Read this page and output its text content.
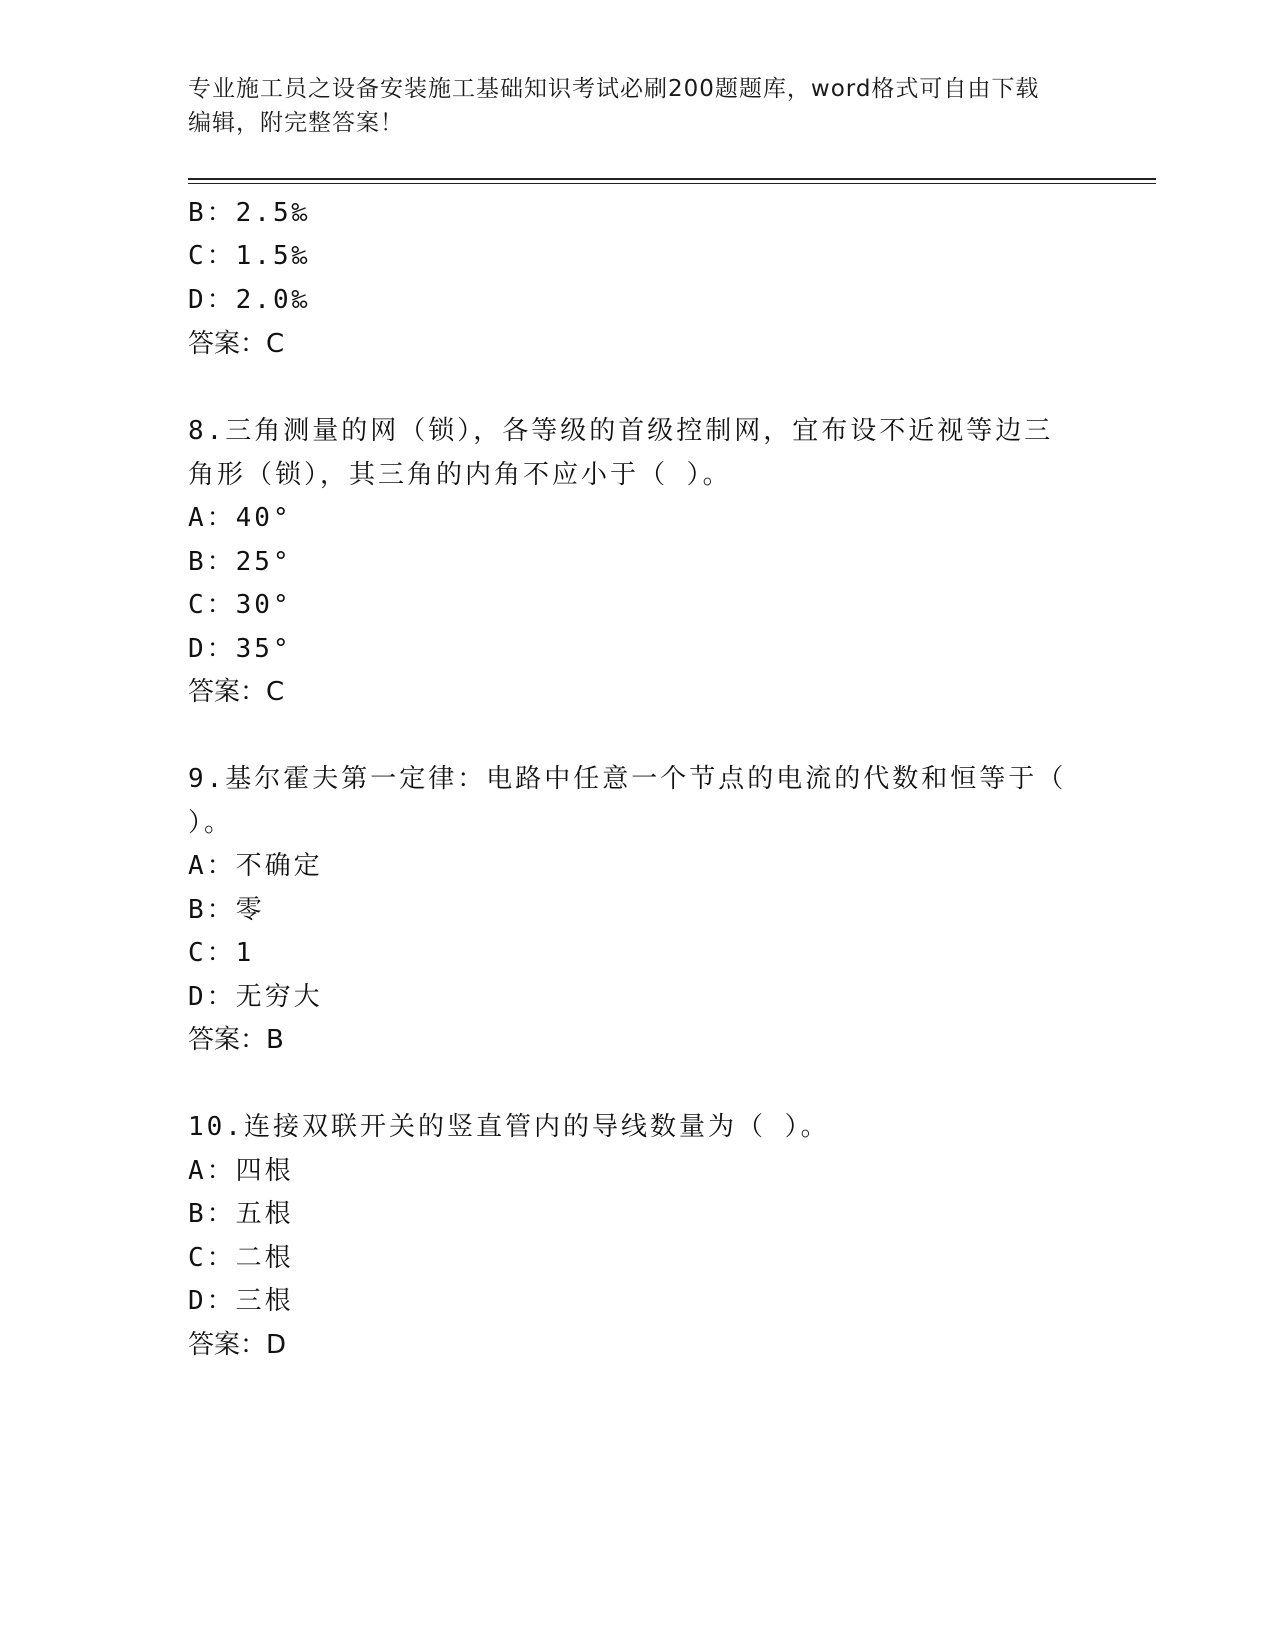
专业施工员之设备安装施工基础知识考试必刷200题题库，word格式可自由下载
编辑，附完整答案！
B：2.5‰
C：1.5‰
D：2.0‰
答案：C
8.三角测量的网（锁），各等级的首级控制网，宜布设不近视等边三
角形（锁），其三角的内角不应小于（ ）。
A：40°
B：25°
C：30°
D：35°
答案：C
9.基尔霍夫第一定律：电路中任意一个节点的电流的代数和恒等于（
）。
A：不确定
B：零
C：1
D：无穷大
答案：B
10.连接双联开关的竖直管内的导线数量为（ ）。
A：四根
B：五根
C：二根
D：三根
答案：D
